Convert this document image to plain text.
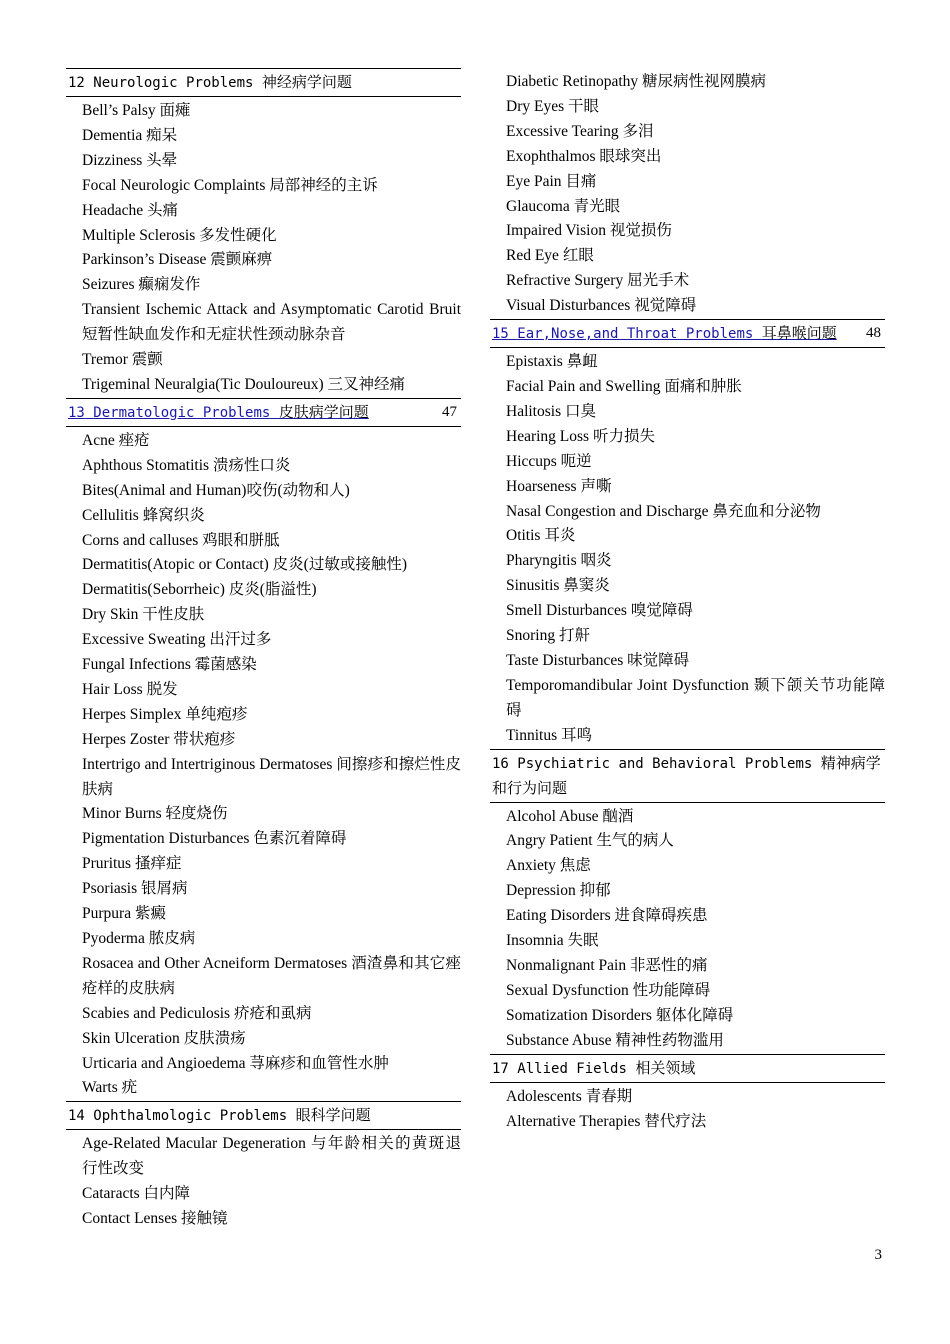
12 Neurologic Problems 神经病学问题
Bell’s Palsy 面瘫
Dementia 痴呆
Dizziness 头晕
Focal Neurologic Complaints 局部神经的主诉
Headache 头痛
Multiple Sclerosis 多发性硬化
Parkinson’s Disease 震颤麻痹
Seizures 癫痫发作
Transient Ischemic Attack and Asymptomatic Carotid Bruit 短暂性缺血发作和无症状性颈动脉杂音
Tremor 震颤
Trigeminal Neuralgia(Tic Douloureux) 三叉神经痛
13 Dermatologic Problems 皮肤病学问题	47
Acne 痤疮
Aphthous Stomatitis 溃疡性口炎
Bites(Animal and Human)咬伤(动物和人)
Cellulitis 蜂窝织炎
Corns and calluses 鸡眼和胼胝
Dermatitis(Atopic or Contact) 皮炎(过敏或接触性)
Dermatitis(Seborrheic) 皮炎(脂溢性)
Dry Skin 干性皮肤
Excessive Sweating 出汗过多
Fungal Infections 霉菌感染
Hair Loss 脱发
Herpes Simplex 单纯疱疹
Herpes Zoster 带状疱疹
Intertrigo and Intertriginous Dermatoses 间擦疹和擦烂性皮肤病
Minor Burns 轻度烧伤
Pigmentation Disturbances 色素沉着障碍
Pruritus 搔痒症
Psoriasis 银屑病
Purpura 紫癜
Pyoderma 脓皮病
Rosacea and Other Acneiform Dermatoses 酒渣鼻和其它痤疮样的皮肤病
Scabies and Pediculosis 疥疮和虱病
Skin Ulceration 皮肤溃疡
Urticaria and Angioedema 荨麻疹和血管性水肿
Warts 疣
14 Ophthalmologic Problems 眼科学问题
Age-Related Macular Degeneration 与年龄相关的黄斑退行性改变
Cataracts 白内障
Contact Lenses 接触镜
Diabetic Retinopathy 糖尿病性视网膜病
Dry Eyes 干眼
Excessive Tearing 多泪
Exophthalmos 眼球突出
Eye Pain 目痛
Glaucoma 青光眼
Impaired Vision 视觉损伤
Red Eye 红眼
Refractive Surgery 屈光手术
Visual Disturbances 视觉障碍
15 Ear,Nose,and Throat Problems 耳鼻喉问题 48
Epistaxis 鼻衄
Facial Pain and Swelling 面痛和肿胀
Halitosis 口臭
Hearing Loss 听力损失
Hiccups 呃逆
Hoarseness 声嘶
Nasal Congestion and Discharge 鼻充血和分泌物
Otitis 耳炎
Pharyngitis 咽炎
Sinusitis 鼻窦炎
Smell Disturbances 嗅觉障碍
Snoring 打鼾
Taste Disturbances 味觉障碍
Temporomandibular Joint Dysfunction 颞下颌关节功能障碍
Tinnitus 耳鸣
16 Psychiatric and Behavioral Problems 精神病学和行为问题
Alcohol Abuse 酗酒
Angry Patient 生气的病人
Anxiety 焦虑
Depression 抑郁
Eating Disorders 进食障碍疾患
Insomnia 失眠
Nonmalignant Pain 非恶性的痛
Sexual Dysfunction 性功能障碍
Somatization Disorders 躯体化障碍
Substance Abuse 精神性药物滥用
17 Allied Fields 相关领域
Adolescents 青春期
Alternative Therapies 替代疗法
3
